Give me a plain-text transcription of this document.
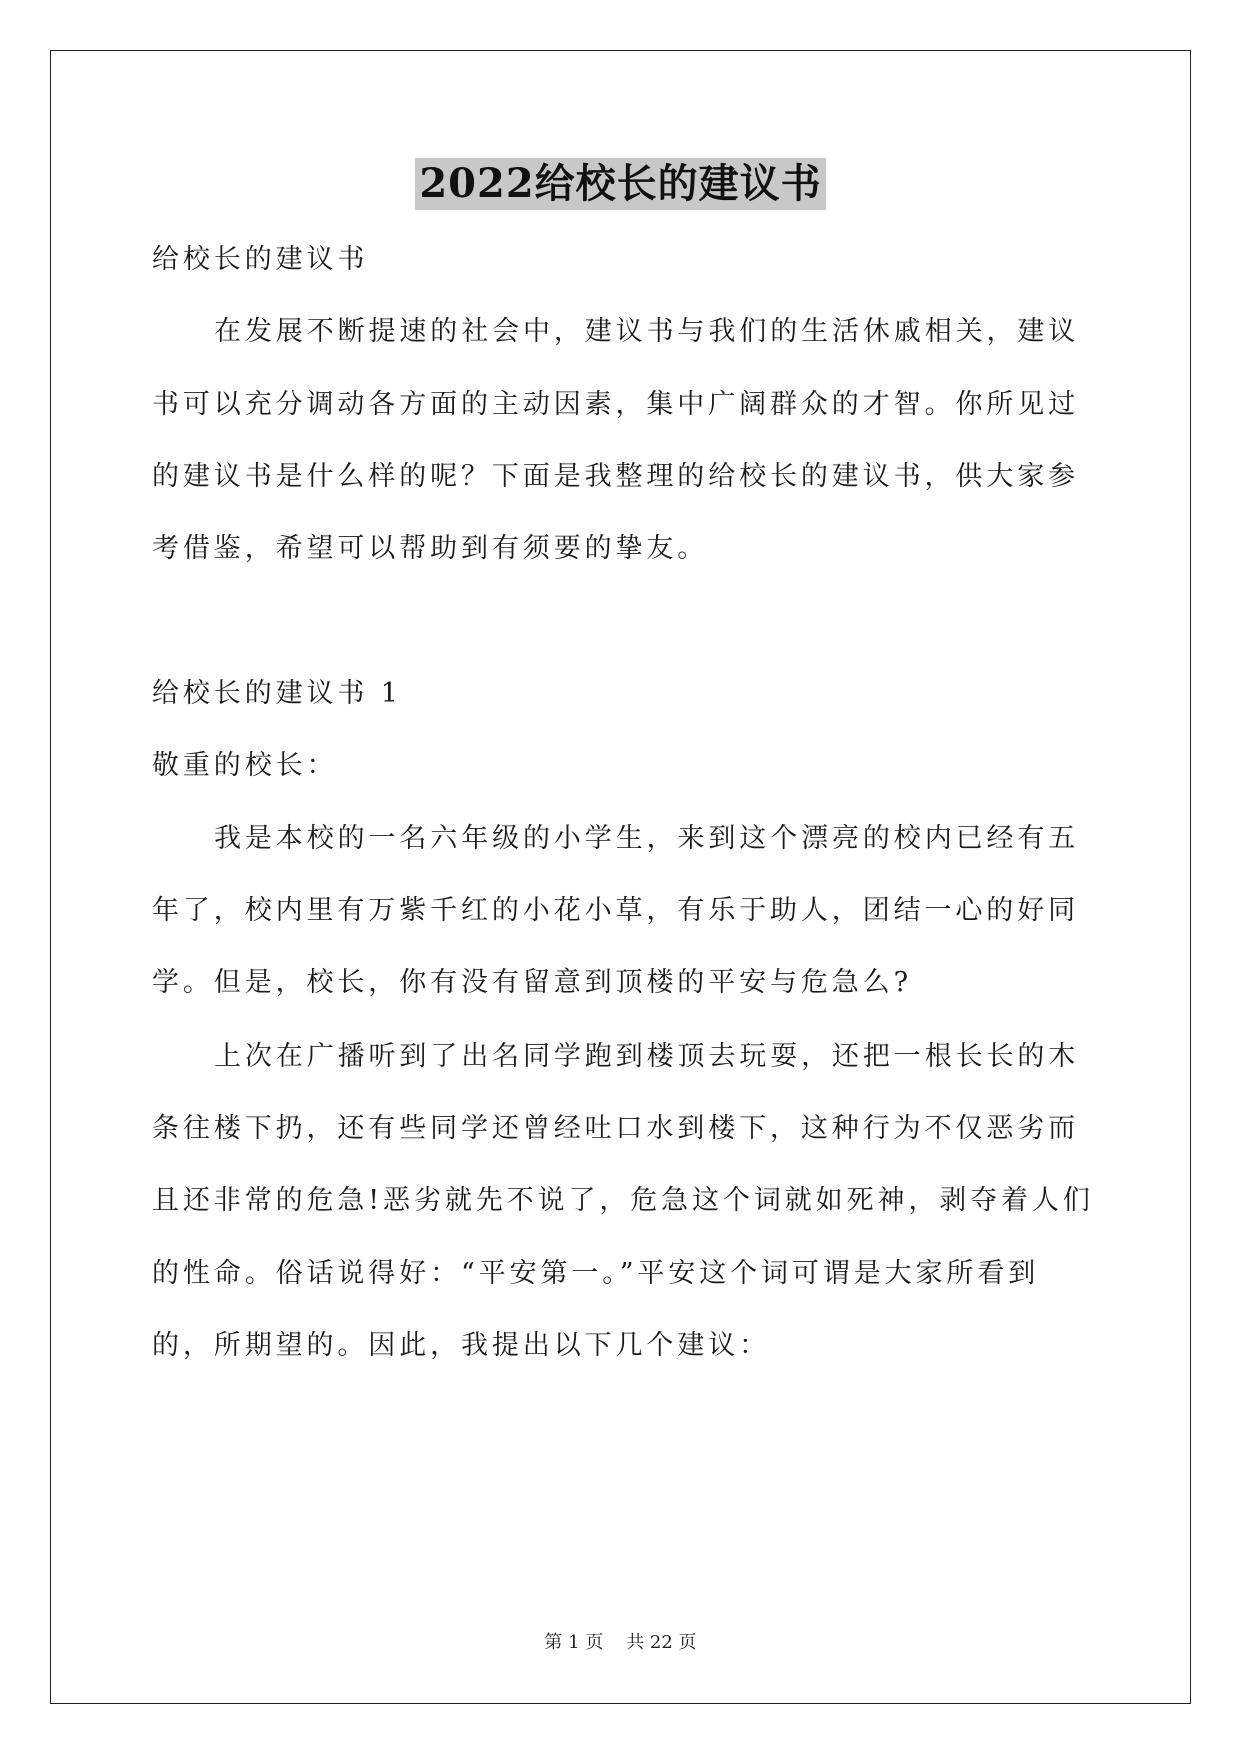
2022给校长的建议书
给校长的建议书
在发展不断提速的社会中，建议书与我们的生活休戚相关，建议
书可以充分调动各方面的主动因素，集中广阔群众的才智。你所见过
的建议书是什么样的呢？下面是我整理的给校长的建议书，供大家参
考借鉴，希望可以帮助到有须要的挚友。
给校长的建议书 1
敬重的校长：
我是本校的一名六年级的小学生，来到这个漂亮的校内已经有五
年了，校内里有万紫千红的小花小草，有乐于助人，团结一心的好同
学。但是，校长，你有没有留意到顶楼的平安与危急么?
上次在广播听到了出名同学跑到楼顶去玩耍，还把一根长长的木
条往楼下扔，还有些同学还曾经吐口水到楼下，这种行为不仅恶劣而
且还非常的危急!恶劣就先不说了，危急这个词就如死神，剥夺着人们
的性命。俗话说得好：“平安第一。”平安这个词可谓是大家所看到
的，所期望的。因此，我提出以下几个建议：
第 1 页    共 22 页
